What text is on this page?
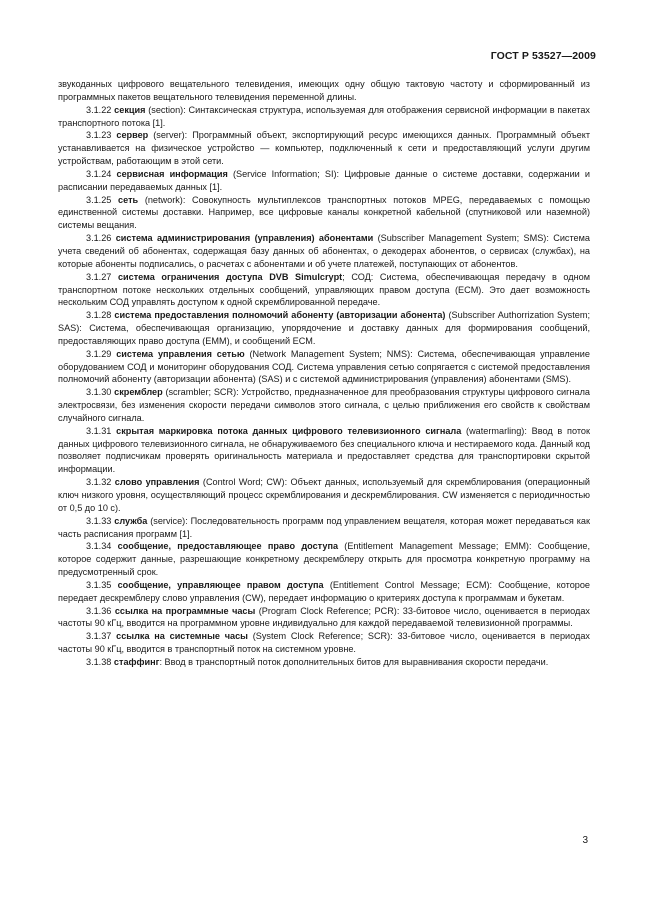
ГОСТ Р 53527—2009

звукоданных цифрового вещательного телевидения, имеющих одну общую тактовую частоту и сформированный из программных пакетов вещательного телевидения переменной длины.

3.1.22 секция (section): Синтаксическая структура, используемая для отображения сервисной информации в пакетах транспортного потока [1].

3.1.23 сервер (server): Программный объект, экспортирующий ресурс имеющихся данных. Программный объект устанавливается на физическое устройство — компьютер, подключенный к сети и предоставляющий услуги другим устройствам, работающим в этой сети.

3.1.24 сервисная информация (Service Information; SI): Цифровые данные о системе доставки, содержании и расписании передаваемых данных [1].

3.1.25 сеть (network): Совокупность мультиплексов транспортных потоков MPEG, передаваемых с помощью единственной системы доставки. Например, все цифровые каналы конкретной кабельной (спутниковой или наземной) системы вещания.

3.1.26 система администрирования (управления) абонентами (Subscriber Management System; SMS): Система учета сведений об абонентах, содержащая базу данных об абонентах, о декодерах абонентов, о сервисах (службах), на которые абоненты подписались, о расчетах с абонентами и об учете платежей, поступающих от абонентов.

3.1.27 система ограничения доступа DVB Simulcrypt; СОД: Система, обеспечивающая передачу в одном транспортном потоке нескольких отдельных сообщений, управляющих правом доступа (ECM). Это дает возможность нескольким СОД управлять доступом к одной скремблированной передаче.

3.1.28 система предоставления полномочий абоненту (авторизации абонента) (Subscriber Authorrization System; SAS): Система, обеспечивающая организацию, упорядочение и доставку данных для формирования сообщений, предоставляющих право доступа (EMM), и сообщений ECM.

3.1.29 система управления сетью (Network Management System; NMS): Система, обеспечивающая управление оборудованием СОД и мониторинг оборудования СОД. Система управления сетью сопрягается с системой предоставления полномочий абоненту (авторизации абонента) (SAS) и с системой администрирования (управления) абонентами (SMS).

3.1.30 скремблер (scrambler; SCR): Устройство, предназначенное для преобразования структуры цифрового сигнала электросвязи, без изменения скорости передачи символов этого сигнала, с целью приближения его свойств к свойствам случайного сигнала.

3.1.31 скрытая маркировка потока данных цифрового телевизионного сигнала (watermarling): Ввод в поток данных цифрового телевизионного сигнала, не обнаруживаемого без специального ключа и нестираемого кода. Данный код позволяет подписчикам проверять оригинальность материала и предоставляет средства для транспортировки скрытой информации.

3.1.32 слово управления (Control Word; CW): Объект данных, используемый для скремблирования (операционный ключ низкого уровня, осуществляющий процесс скремблирования и дескремблирования. CW изменяется с периодичностью от 0,5 до 10 с).

3.1.33 служба (service): Последовательность программ под управлением вещателя, которая может передаваться как часть расписания программ [1].

3.1.34 сообщение, предоставляющее право доступа (Entitlement Management Message; EMM): Сообщение, которое содержит данные, разрешающие конкретному дескремблеру открыть для просмотра конкретную программу на предусмотренный срок.

3.1.35 сообщение, управляющее правом доступа (Entitlement Control Message; ECM): Сообщение, которое передает дескремблеру слово управления (CW), передает информацию о критериях доступа к программам и букетам.

3.1.36 ссылка на программные часы (Program Clock Reference; PCR): 33-битовое число, оценивается в периодах частоты 90 кГц, вводится на программном уровне индивидуально для каждой передаваемой телевизионной программы.

3.1.37 ссылка на системные часы (System Clock Reference; SCR): 33-битовое число, оценивается в периодах частоты 90 кГц, вводится в транспортный поток на системном уровне.

3.1.38 стаффинг: Ввод в транспортный поток дополнительных битов для выравнивания скорости передачи.

3
